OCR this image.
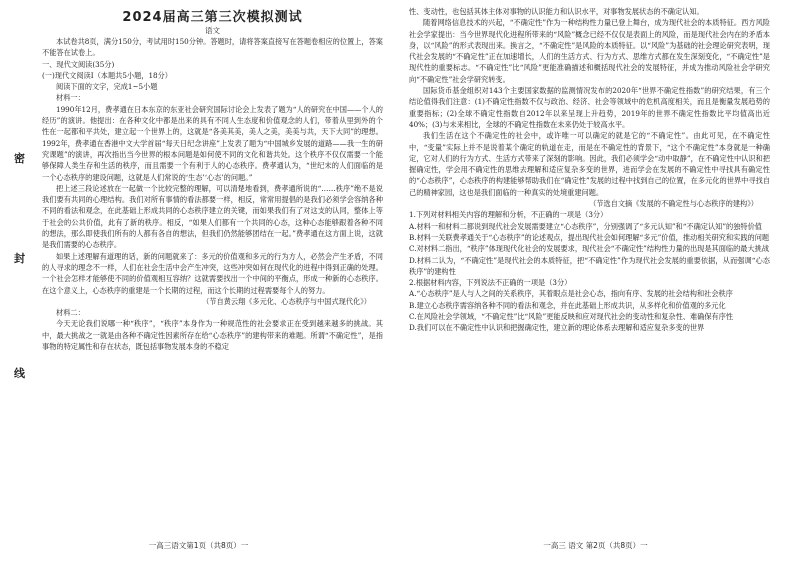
密
封
线
2024届高三第三次模拟测试
语文

本试卷共8页，满分150分，考试用时150分钟。答题时，请将答案直接写在答题卷相应的位置上，答案不能答在试卷上。

一、现代文阅读(35分)

(一)现代文阅读Ⅰ（本题共5小题，18分）

阅读下面的文字，完成1~5小题

材料一：

1990年12月，费孝通在日本东京的东亚社会研究国际讨论会上发表了题为“人的研究在中国——个人的经历”的演讲。他提出：在各种文化中都是出来的具有不同人生态度和价值观念的人们，带着从里到外的个性在一起都和平共处，建立起一个世界上的，这就是“各美其美，美人之美，美美与共，天下大同”的理想。1992年，费孝通在香港中文大学首届“每天日纪念讲座”上发表了题为“中国城乡发展的道路——我一生的研究课题”的演讲，再次指出当今世界的根本问题是如何使不同的文化和谐共处。这个秩序不仅仅需要一个能够保障人类生存和生活的秩序，而且需要一个有利于人的心态秩序。费孝通认为，“世纪末的人们面临的是一个心态秩序的建设问题，这就是人们常说的‘生态’‘心态’的问题。”

把上述三段论述放在一起做一个比较完整的理解，可以清楚地看到，费孝通所说的“……秩序”绝不是说我们要有共同的心理结构。我们对所有事情的看法都要一样，相反，常常用提倡的是我们必须学会容纳各种不同的看法和观念，在此基础上形成共同的心态秩序建立的关键，而如果我们有了对这支的认同，整体上等于社会的公共价值，此有了新的秩序。相反，“如果人们都有一个共同的心态，这种心态能够跟着各种不同的想法，那么即使我们所有的人都有各自的想法，但我们仍然能够团结在一起。”费孝通在这方面上说，这就是我们需要的心态秩序。

如果上述理解有道理的话，新的问题就来了：多元的价值观和多元的行为方人，必然会产生矛盾，不同的人寻求的理念不一样，人们在社会生活中会产生冲突，这些冲突如何在现代化的进程中得到正确的处理。一个社会怎样才能够使不同的价值观相互容纳？这就需要找出一个中间的平衡点，形成一种新的心态秩序。在这个意义上，心态秩序的重建是一个长期的过程，而这个长期的过程需要每个人的努力。

（节自黄云翔《多元化、心态秩序与中国式现代化》）

材料二：

今天无论我们说哪一种“秩序”，“秩序”本身作为一种规范性的社会要求正在受到越来越多的挑战。其中，最大挑战之一就是由各种不确定性因素所存在给“心态秩序”的建构带来的难题。所谓“不确定性”，是指事物的特定属性和存在状态，既包括事物发展本身的不稳定

一高三语文第1页（共8页）一

性、变动性，也包括其体主体对事物的认识能力和认识水平，对事物发展状态的不确定认知。

随着网络信息技术的兴起，“不确定性”作为一种结构性力量已登上舞台，成为现代社会的本质特征。西方风险社会学家提出：当今世界现代化进程所带来的“风险”概念已经不仅仅是表面上的风险，而是现代社会内在的矛盾本身，以“风险”的形式表现出来。换言之，“不确定性”是风险的本质特征。以“风险”为基础的社会理论研究表明，现代社会发展的“不确定性”正在加速增长，人们的生活方式、行为方式、思维方式都在发生深刻变化，“不确定性”是现代性的重要标志。“不确定性”比“风险”更能准确描述和概括现代社会的发展特征，并成为推动风险社会学研究向“不确定性”社会学研究转变。

国际货币基金组织对143个主要国家数据的监测情况发布的2020年“世界不确定性指数”的研究结果，有三个结论值得我们注意：(1)不确定性指数不仅与政治、经济、社会等领域中的危机高度相关，而且是衡量发展趋势的重要指标；(2)全球不确定性指数自2012年以来呈现上升趋势，2019年的世界不确定性指数比平均值高出近40%；(3)与未来相比，全球的不确定性指数在未来仍处于较高水平。

我们生活在这个不确定性的社会中，或许唯一可以确定的就是它的“不确定性”。由此可见，在不确定性中，“变量”实际上并不是说着某个确定的轨道在走，而是在不确定性的背景下，“这个不确定性”本身就是一种确定，它对人们的行为方式、生活方式带来了深刻的影响。因此，我们必须学会“动中取静”，在不确定性中认识和把握确定性，学会用不确定性的思维去理解和适应复杂多变的世界，进而学会在发展的不确定性中寻找具有确定性的“心态秩序”，心态秩序的构建能够帮助我们在“确定性”发展的过程中找到自己的位置，在多元化的世界中寻找自己的精神家园，这也是我们面临的一种真实的处境重建问题。

（节选自文摘《发展的不确定性与心态秩序的建构》）

1.下列对材料相关内容的理解和分析，不正确的一项是（3分）

A.材料一和材料二都说到现代社会发展需要建立“心态秩序”，分别强调了“多元认知”和“不确定认知”的独特价值

B.材料一关联费孝通关于“心态秩序”的论述观点，提出现代社会如何理解“多元”价值，推动相关研究和实践的问题

C.对材料二指出，“秩序”体现现代化社会的发展要求，现代社会“不确定性”结构性力量的出现是其面临的最大挑战

D.材料二认为，“不确定性”是现代社会的本质特征，把“不确定性”作为现代社会发展的重要依据，从而强调“心态秩序”的建构性

2.根据材料内容，下列说法不正确的一项是（3分）

A.“心态秩序”是人与人之间的关系秩序，其着眼点是社会心态，指向有序、发展的社会结构和社会秩序

B.建立心态秩序需容纳各种不同的看法和观念，并在此基础上形成共识，从多样化和价值观的多元化

C.在风险社会学领域，“不确定性”比“风险”更能反映和应对现代社会的变动性和复杂性、难确保有序性

D.我们可以在不确定性中认识和把握确定性，建立新的理论体系去理解和适应复杂多变的世界

一高三 语文 第2页（共8页）一
